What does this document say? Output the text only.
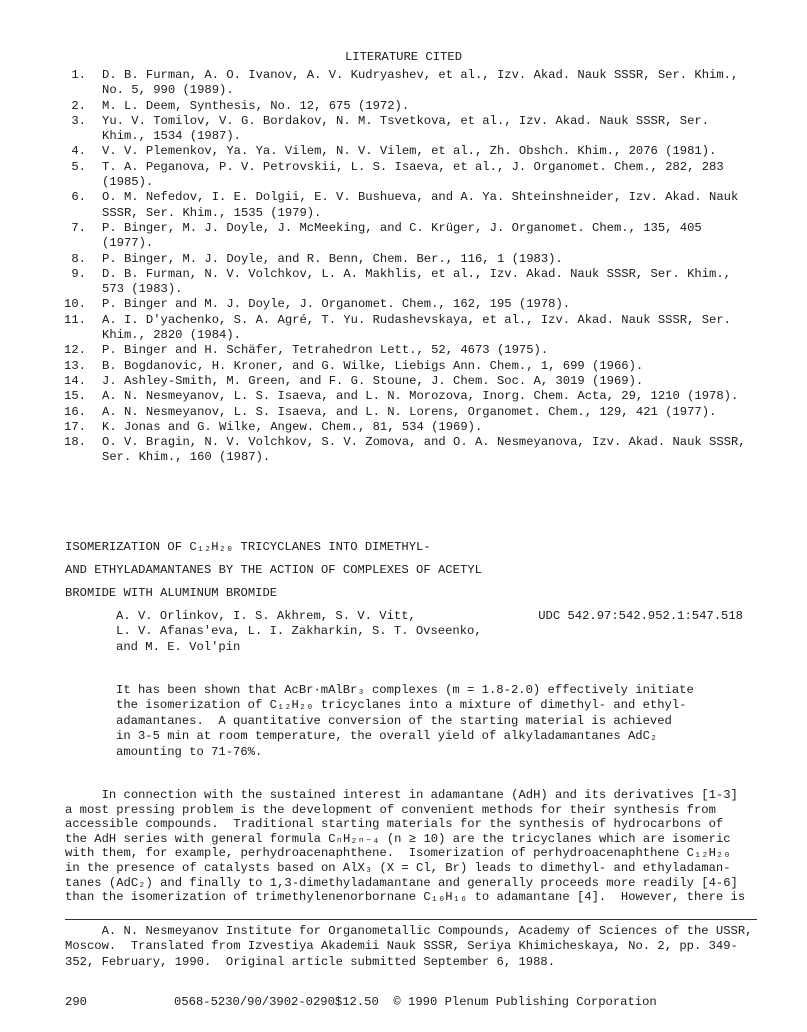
LITERATURE CITED
1. D. B. Furman, A. O. Ivanov, A. V. Kudryashev, et al., Izv. Akad. Nauk SSSR, Ser. Khim.,
No. 5, 990 (1989).
2. M. L. Deem, Synthesis, No. 12, 675 (1972).
3. Yu. V. Tomilov, V. G. Bordakov, N. M. Tsvetkova, et al., Izv. Akad. Nauk SSSR, Ser.
Khim., 1534 (1987).
4. V. V. Plemenkov, Ya. Ya. Vilem, N. V. Vilem, et al., Zh. Obshch. Khim., 2076 (1981).
5. T. A. Peganova, P. V. Petrovskii, L. S. Isaeva, et al., J. Organomet. Chem., 282, 283
(1985).
6. O. M. Nefedov, I. E. Dolgii, E. V. Bushueva, and A. Ya. Shteinshneider, Izv. Akad. Nauk
SSSR, Ser. Khim., 1535 (1979).
7. P. Binger, M. J. Doyle, J. McMeeking, and C. Krüger, J. Organomet. Chem., 135, 405
(1977).
8. P. Binger, M. J. Doyle, and R. Benn, Chem. Ber., 116, 1 (1983).
9. D. B. Furman, N. V. Volchkov, L. A. Makhlis, et al., Izv. Akad. Nauk SSSR, Ser. Khim.,
573 (1983).
10. P. Binger and M. J. Doyle, J. Organomet. Chem., 162, 195 (1978).
11. A. I. D'yachenko, S. A. Agré, T. Yu. Rudashevskaya, et al., Izv. Akad. Nauk SSSR, Ser.
Khim., 2820 (1984).
12. P. Binger and H. Schäfer, Tetrahedron Lett., 52, 4673 (1975).
13. B. Bogdanovic, H. Kroner, and G. Wilke, Liebigs Ann. Chem., 1, 699 (1966).
14. J. Ashley-Smith, M. Green, and F. G. Stoune, J. Chem. Soc. A, 3019 (1969).
15. A. N. Nesmeyanov, L. S. Isaeva, and L. N. Morozova, Inorg. Chem. Acta, 29, 1210 (1978).
16. A. N. Nesmeyanov, L. S. Isaeva, and L. N. Lorens, Organomet. Chem., 129, 421 (1977).
17. K. Jonas and G. Wilke, Angew. Chem., 81, 534 (1969).
18. O. V. Bragin, N. V. Volchkov, S. V. Zomova, and O. A. Nesmeyanova, Izv. Akad. Nauk SSSR,
Ser. Khim., 160 (1987).
ISOMERIZATION OF C₁₂H₂₀ TRICYCLANES INTO DIMETHYL-
AND ETHYLADAMANTANES BY THE ACTION OF COMPLEXES OF ACETYL
BROMIDE WITH ALUMINUM BROMIDE
A. V. Orlinkov, I. S. Akhrem, S. V. Vitt,
L. V. Afanas'eva, L. I. Zakharkin, S. T. Ovseenko,
and M. E. Vol'pin
UDC 542.97:542.952.1:547.518
It has been shown that AcBr·mAlBr₃ complexes (m = 1.8-2.0) effectively initiate
the isomerization of C₁₂H₂₀ tricyclanes into a mixture of dimethyl- and ethyl-
adamantanes.  A quantitative conversion of the starting material is achieved
in 3-5 min at room temperature, the overall yield of alkyladamantanes AdC₂
amounting to 71-76%.
In connection with the sustained interest in adamantane (AdH) and its derivatives [1-3]
a most pressing problem is the development of convenient methods for their synthesis from
accessible compounds.  Traditional starting materials for the synthesis of hydrocarbons of
the AdH series with general formula CₙH₂ₙ₋₄ (n ≥ 10) are the tricyclanes which are isomeric
with them, for example, perhydroacenaphthene.  Isomerization of perhydroacenaphthene C₁₂H₂₀
in the presence of catalysts based on AlX₃ (X = Cl, Br) leads to dimethyl- and ethyladaman-
tanes (AdC₂) and finally to 1,3-dimethyladamantane and generally proceeds more readily [4-6]
than the isomerization of trimethylenenorbornane C₁₀H₁₆ to adamantane [4].  However, there is
A. N. Nesmeyanov Institute for Organometallic Compounds, Academy of Sciences of the USSR,
Moscow.  Translated from Izvestiya Akademii Nauk SSSR, Seriya Khimicheskaya, No. 2, pp. 349-
352, February, 1990.  Original article submitted September 6, 1988.
290	0568-5230/90/3902-0290$12.50  © 1990 Plenum Publishing Corporation
